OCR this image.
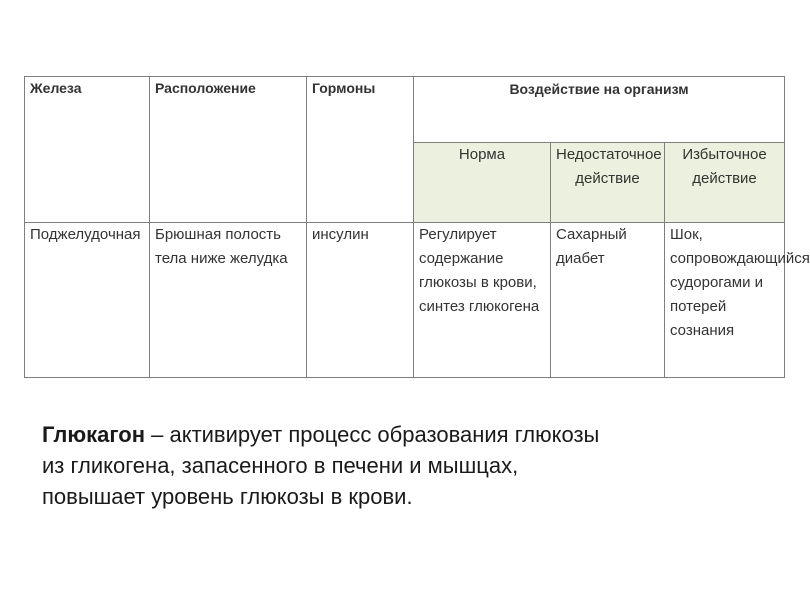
Железа	Расположение	Гормоны	Воздействие на организм		
			Норма	Недостаточное действие	Избыточное действие
Поджелудочная	Брюшная полость тела ниже желудка	инсулин	Регулирует содержание глюкозы в крови, синтез глюкогена	Сахарный диабет	Шок, сопровождающийся судорогами и потерей сознания
Глюкагон – активирует процесс образования глюкозы из гликогена, запасенного в печени и мышцах, повышает уровень глюкозы в крови.
